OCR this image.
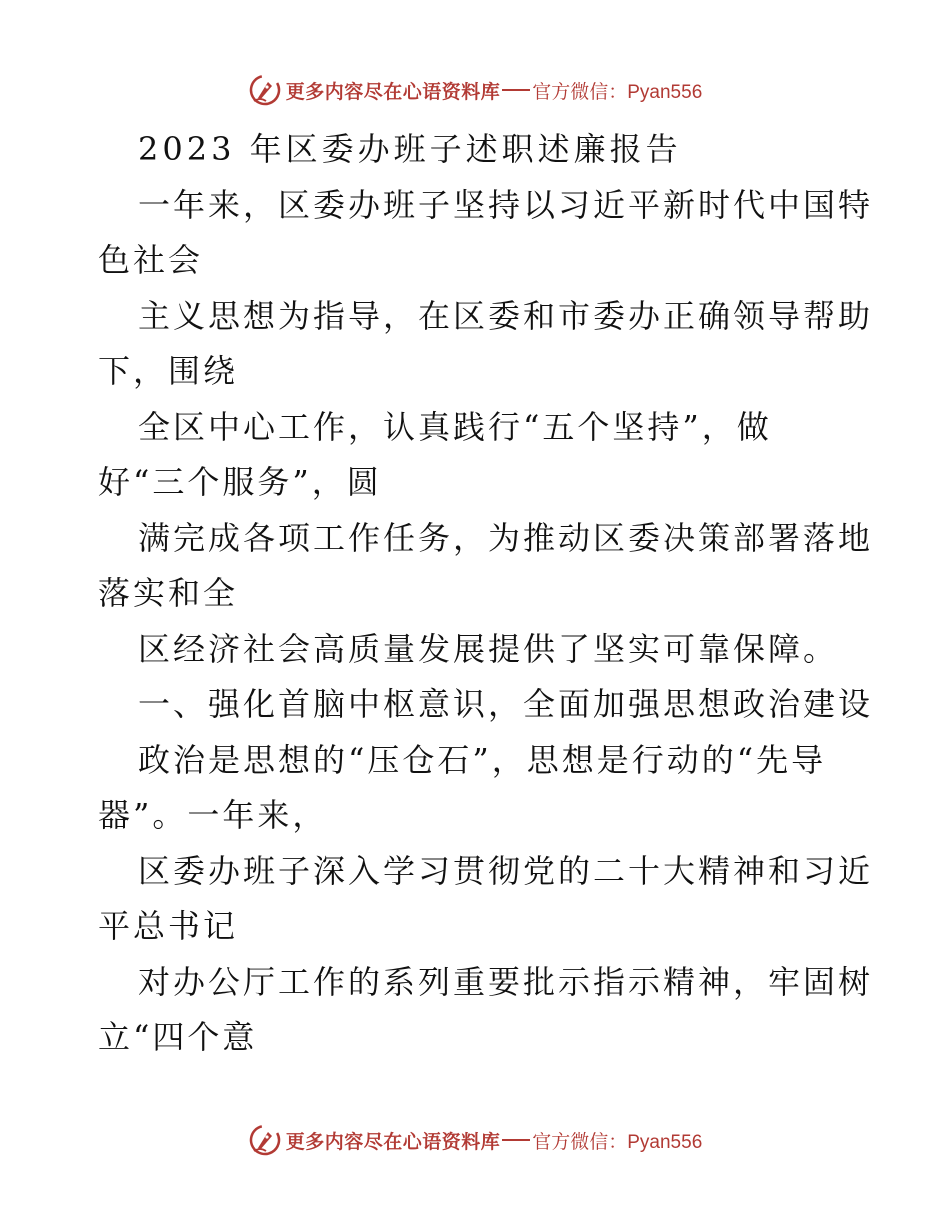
更多内容尽在心语资料库 官方微信：Pyan556
2023 年区委办班子述职述廉报告
一年来，区委办班子坚持以习近平新时代中国特
色社会
主义思想为指导，在区委和市委办正确领导帮助
下，围绕
全区中心工作，认真践行“五个坚持”，做
好“三个服务”，圆
满完成各项工作任务，为推动区委决策部署落地
落实和全
区经济社会高质量发展提供了坚实可靠保障。
一、强化首脑中枢意识，全面加强思想政治建设
政治是思想的“压仓石”，思想是行动的“先导
器”。一年来，
区委办班子深入学习贯彻党的二十大精神和习近
平总书记
对办公厅工作的系列重要批示指示精神，牢固树
立“四个意
更多内容尽在心语资料库 官方微信：Pyan556
